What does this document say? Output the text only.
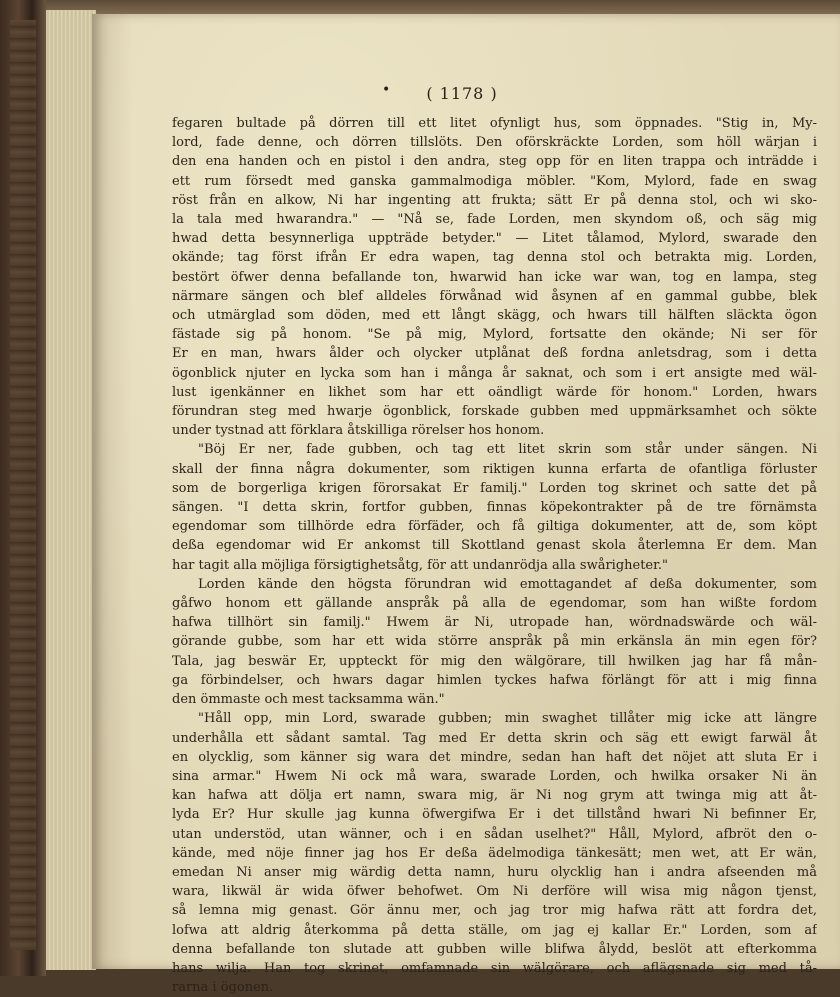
• ( 1178 )
fegaren bultade på dörren till ett litet ofynligt hus, som öppnades. "Stig in, My-
lord, fade denne, och dörren tillslöts. Den oförskräckte Lorden, som höll wärjan i
den ena handen och en pistol i den andra, steg opp för en liten trappa och inträdde i
ett rum försedt med ganska gammalmodiga möbler. "Kom, Mylord, fade en swag
röst från en alkow, Ni har ingenting att frukta; sätt Er på denna stol, och wi sko-
la tala med hwarandra." — "Nå se, fade Lorden, men skyndom oß, och säg mig
hwad detta besynnerliga uppträde betyder." — Litet tålamod, Mylord, swarade den
okände; tag först ifrån Er edra wapen, tag denna stol och betrakta mig. Lorden,
bestört öfwer denna befallande ton, hwarwid han icke war wan, tog en lampa, steg
närmare sängen och blef alldeles förwånad wid åsynen af en gammal gubbe, blek
och utmärglad som döden, med ett långt skägg, och hwars till hälften släckta ögon
fästade sig på honom. "Se på mig, Mylord, fortsatte den okände; Ni ser för
Er en man, hwars ålder och olycker utplånat deß fordna anletsdrag, som i detta
ögonblick njuter en lycka som han i många år saknat, och som i ert ansigte med wäl-
lust igenkänner en likhet som har ett oändligt wärde för honom." Lorden, hwars
förundran steg med hwarje ögonblick, forskade gubben med uppmärksamhet och sökte
under tystnad att förklara åtskilliga rörelser hos honom.
"Böj Er ner, fade gubben, och tag ett litet skrin som står under sängen. Ni
skall der finna några dokumenter, som riktigen kunna erfarta de ofantliga förluster
som de borgerliga krigen förorsakat Er familj." Lorden tog skrinet och satte det på
sängen. "I detta skrin, fortfor gubben, finnas köpekontrakter på de tre förnämsta
egendomar som tillhörde edra förfäder, och få giltiga dokumenter, att de, som köpt
deßa egendomar wid Er ankomst till Skottland genast skola återlemna Er dem. Man
har tagit alla möjliga försigtighetsåtg, för att undanrödja alla swårigheter."
Lorden kände den högsta förundran wid emottagandet af deßa dokumenter, som
gåfwo honom ett gällande anspråk på alla de egendomar, som han wißte fordom
hafwa tillhört sin familj." Hwem är Ni, utropade han, wördnadswärde och wäl-
görande gubbe, som har ett wida större anspråk på min erkänsla än min egen för?
Tala, jag beswär Er, uppteckt för mig den wälgörare, till hwilken jag har få mån-
ga förbindelser, och hwars dagar himlen tyckes hafwa förlängt för att i mig finna
den ömmaste och mest tacksamma wän."
"Håll opp, min Lord, swarade gubben; min swaghet tillåter mig icke att längre
underhålla ett sådant samtal. Tag med Er detta skrin och säg ett ewigt farwäl åt
en olycklig, som känner sig wara det mindre, sedan han haft det nöjet att sluta Er i
sina armar." Hwem Ni ock må wara, swarade Lorden, och hwilka orsaker Ni än
kan hafwa att dölja ert namn, swara mig, är Ni nog grym att twinga mig att åt-
lyda Er? Hur skulle jag kunna öfwergifwa Er i det tillstånd hwari Ni befinner Er,
utan understöd, utan wänner, och i en sådan uselhet?" Håll, Mylord, afbröt den o-
kände, med nöje finner jag hos Er deßa ädelmodiga tänkesätt; men wet, att Er wän,
emedan Ni anser mig wärdig detta namn, huru olycklig han i andra afseenden må
wara, likwäl är wida öfwer behofwet. Om Ni derföre will wisa mig någon tjenst,
så lemna mig genast. Gör ännu mer, och jag tror mig hafwa rätt att fordra det,
lofwa att aldrig återkomma på detta ställe, om jag ej kallar Er." Lorden, som af
denna befallande ton slutade att gubben wille blifwa ålydd, beslöt att efterkomma
hans wilja. Han tog skrinet, omfamnade sin wälgörare, och aflägsnade sig med tå-
rarna i ögonen.
